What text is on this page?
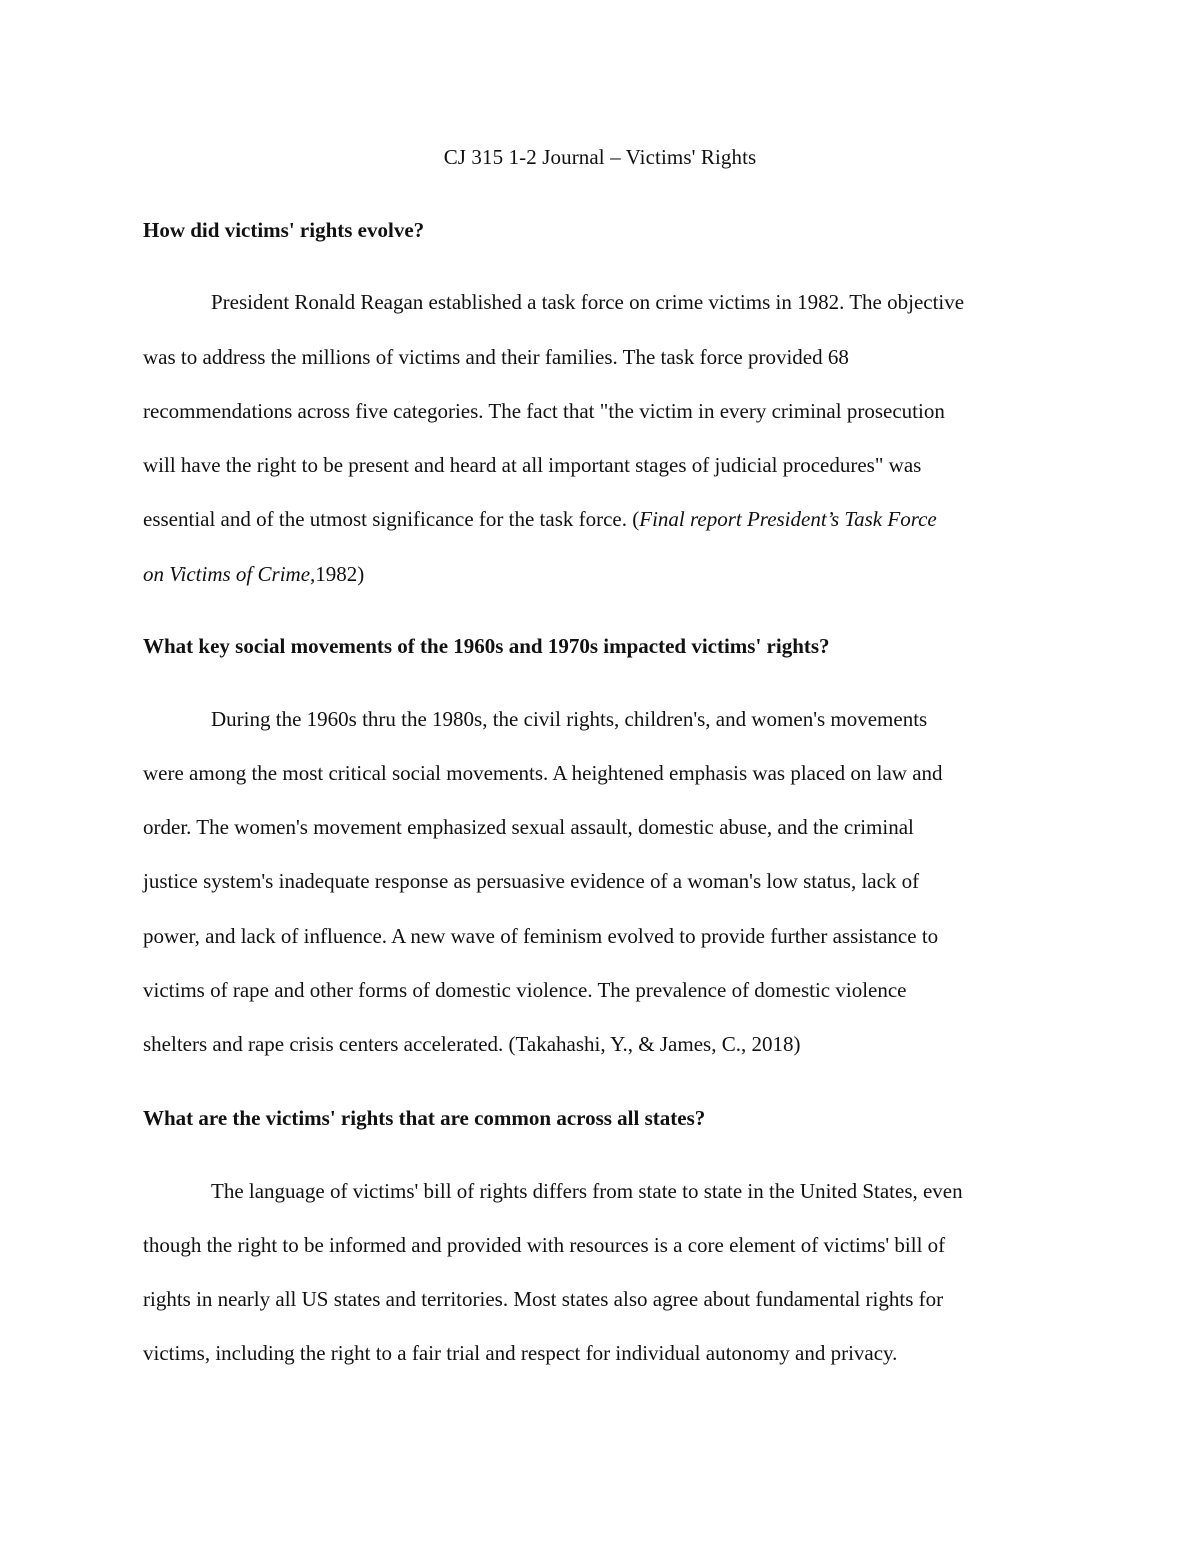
CJ 315 1-2 Journal – Victims' Rights
How did victims' rights evolve?
President Ronald Reagan established a task force on crime victims in 1982. The objective
was to address the millions of victims and their families. The task force provided 68
recommendations across five categories. The fact that "the victim in every criminal prosecution
will have the right to be present and heard at all important stages of judicial procedures" was
essential and of the utmost significance for the task force. (Final report President’s Task Force
on Victims of Crime,1982)
What key social movements of the 1960s and 1970s impacted victims' rights?
During the 1960s thru the 1980s, the civil rights, children's, and women's movements
were among the most critical social movements. A heightened emphasis was placed on law and
order. The women's movement emphasized sexual assault, domestic abuse, and the criminal
justice system's inadequate response as persuasive evidence of a woman's low status, lack of
power, and lack of influence. A new wave of feminism evolved to provide further assistance to
victims of rape and other forms of domestic violence. The prevalence of domestic violence
shelters and rape crisis centers accelerated. (Takahashi, Y., & James, C., 2018)
What are the victims' rights that are common across all states?
The language of victims' bill of rights differs from state to state in the United States, even
though the right to be informed and provided with resources is a core element of victims' bill of
rights in nearly all US states and territories. Most states also agree about fundamental rights for
victims, including the right to a fair trial and respect for individual autonomy and privacy.
